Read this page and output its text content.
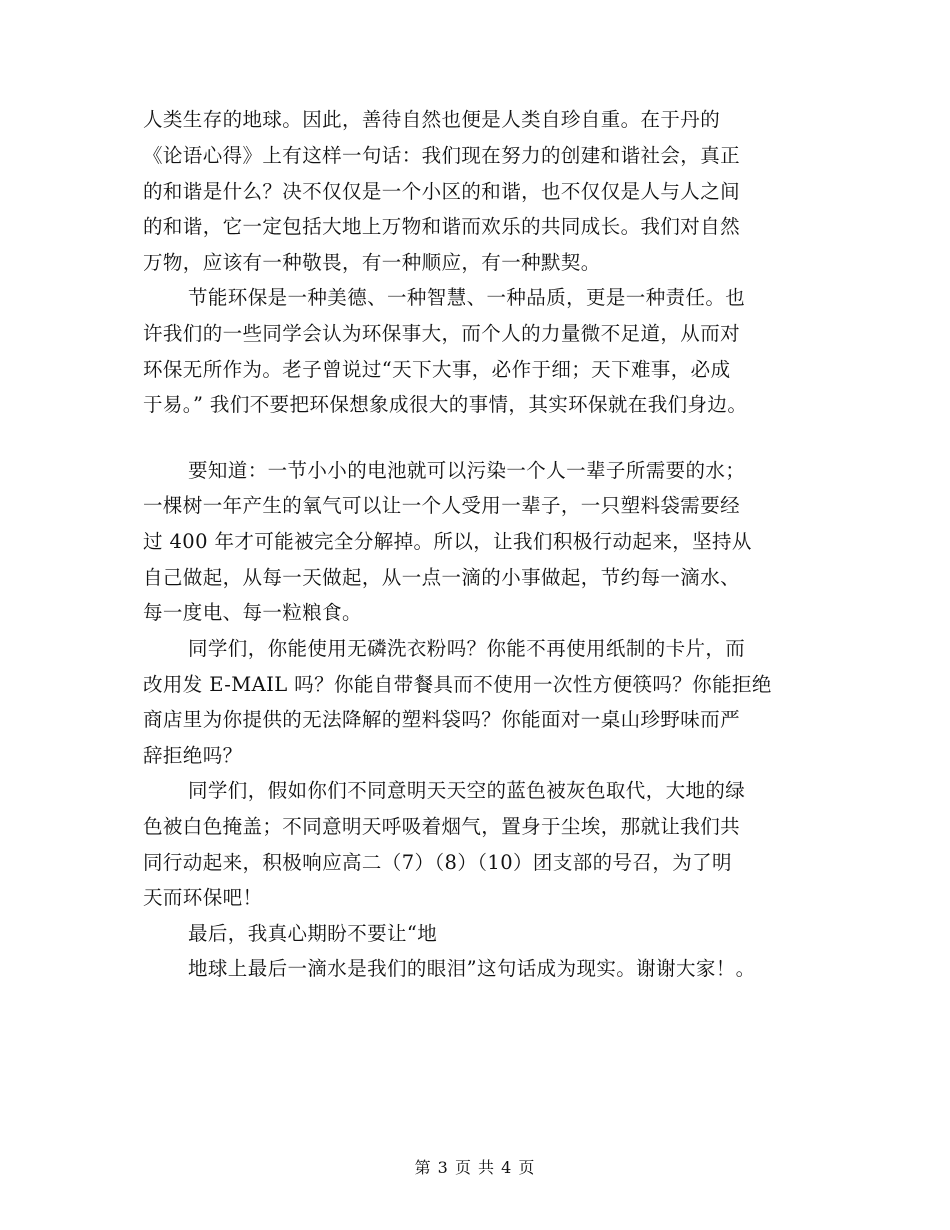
人类生存的地球。因此，善待自然也便是人类自珍自重。在于丹的
《论语心得》上有这样一句话：我们现在努力的创建和谐社会，真正
的和谐是什么？决不仅仅是一个小区的和谐，也不仅仅是人与人之间
的和谐，它一定包括大地上万物和谐而欢乐的共同成长。我们对自然
万物，应该有一种敬畏，有一种顺应，有一种默契。
节能环保是一种美德、一种智慧、一种品质，更是一种责任。也
许我们的一些同学会认为环保事大，而个人的力量微不足道，从而对
环保无所作为。老子曾说过“天下大事，必作于细；天下难事，必成
于易。” 我们不要把环保想象成很大的事情，其实环保就在我们身边。
要知道：一节小小的电池就可以污染一个人一辈子所需要的水；
一棵树一年产生的氧气可以让一个人受用一辈子，一只塑料袋需要经
过 400 年才可能被完全分解掉。所以，让我们积极行动起来，坚持从
自己做起，从每一天做起，从一点一滴的小事做起，节约每一滴水、
每一度电、每一粒粮食。
同学们，你能使用无磷洗衣粉吗？你能不再使用纸制的卡片，而
改用发 E-MAIL 吗？你能自带餐具而不使用一次性方便筷吗？你能拒绝
商店里为你提供的无法降解的塑料袋吗？你能面对一桌山珍野味而严
辞拒绝吗？
同学们，假如你们不同意明天天空的蓝色被灰色取代，大地的绿
色被白色掩盖；不同意明天呼吸着烟气，置身于尘埃，那就让我们共
同行动起来，积极响应高二（7）（8）（10）团支部的号召，为了明
天而环保吧！
最后，我真心期盼不要让“地
地球上最后一滴水是我们的眼泪”这句话成为现实。谢谢大家！。
第 3 页 共 4 页
